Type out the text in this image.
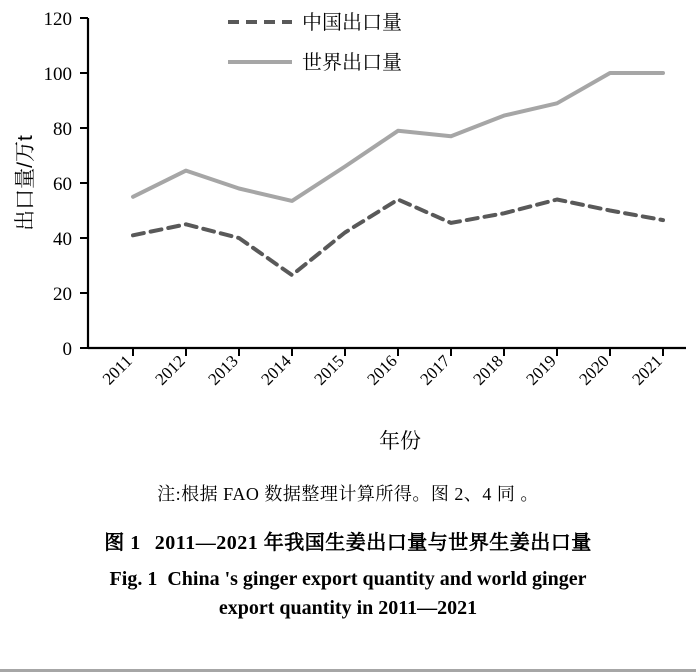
120
100
80
60
40
20
0
出口量/万t
2011 2012 2013 2014 2015 2016 2017 2018 2019 2020 2021
年份
中国出口量
世界出口量

注:根据 FAO 数据整理计算所得。图 2、4 同 。

图 1 2011—2021 年我国生姜出口量与世界生姜出口量

Fig. 1 China 's ginger export quantity and world ginger
export quantity in 2011—2021
